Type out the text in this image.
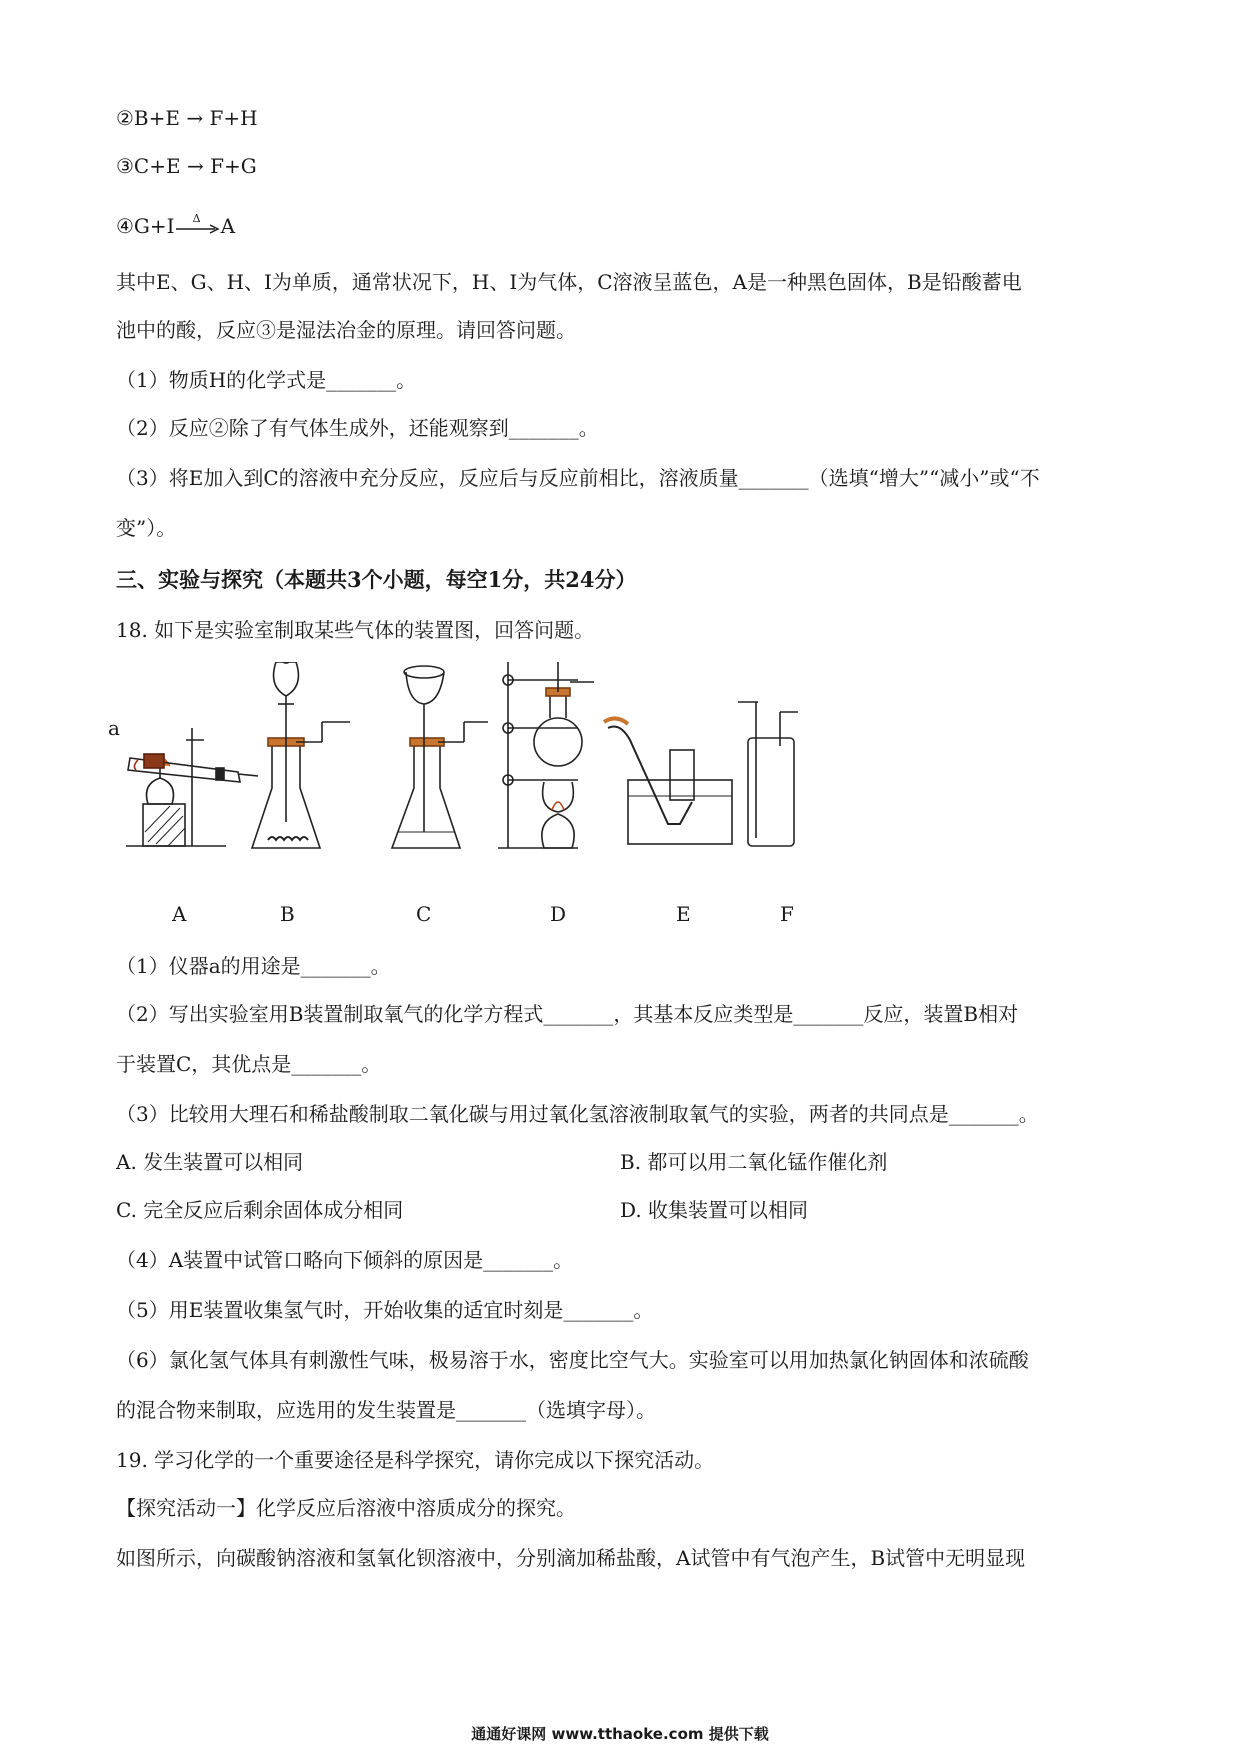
②B+E → F+H
③C+E → F+G
④G+I Δ A
其中E、G、H、I为单质，通常状况下，H、I为气体，C溶液呈蓝色，A是一种黑色固体，B是铅酸蓄电
池中的酸，反应③是湿法冶金的原理。请回答问题。
（1）物质H的化学式是_______。
（2）反应②除了有气体生成外，还能观察到_______。
（3）将E加入到C的溶液中充分反应，反应后与反应前相比，溶液质量_______（选填“增大”“减小”或“不
变”）。
三、实验与探究（本题共3个小题，每空1分，共24分）
18. 如下是实验室制取某些气体的装置图，回答问题。
a
A	B	C	D	E	F
（1）仪器a的用途是_______。
（2）写出实验室用B装置制取氧气的化学方程式_______，其基本反应类型是_______反应，装置B相对
于装置C，其优点是_______。
（3）比较用大理石和稀盐酸制取二氧化碳与用过氧化氢溶液制取氧气的实验，两者的共同点是_______。
A. 发生装置可以相同	B. 都可以用二氧化锰作催化剂
C. 完全反应后剩余固体成分相同	D. 收集装置可以相同
（4）A装置中试管口略向下倾斜的原因是_______。
（5）用E装置收集氢气时，开始收集的适宜时刻是_______。
（6）氯化氢气体具有刺激性气味，极易溶于水，密度比空气大。实验室可以用加热氯化钠固体和浓硫酸
的混合物来制取，应选用的发生装置是_______（选填字母）。
19. 学习化学的一个重要途径是科学探究，请你完成以下探究活动。
【探究活动一】化学反应后溶液中溶质成分的探究。
如图所示，向碳酸钠溶液和氢氧化钡溶液中，分别滴加稀盐酸，A试管中有气泡产生，B试管中无明显现
通通好课网 www.tthaoke.com 提供下载
